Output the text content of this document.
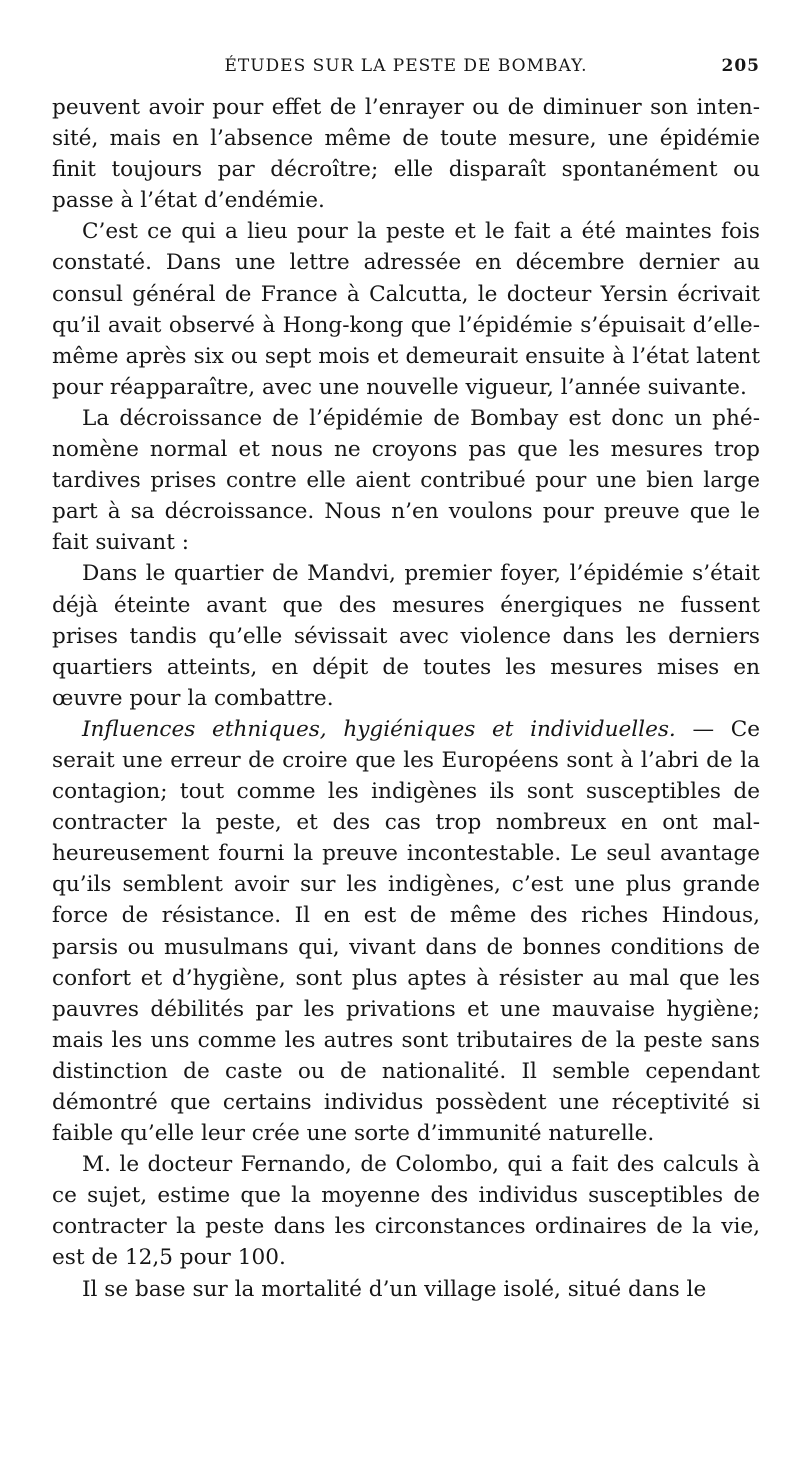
ÉTUDES SUR LA PESTE DE BOMBAY.	205

peuvent avoir pour effet de l’enrayer ou de diminuer son intensité, mais en l’absence même de toute mesure, une épidémie finit toujours par décroître; elle disparaît spontanément ou passe à l’état d’endémie.

C’est ce qui a lieu pour la peste et le fait a été maintes fois constaté. Dans une lettre adressée en décembre dernier au consul général de France à Calcutta, le docteur Yersin écrivait qu’il avait observé à Hong-kong que l’épidémie s’épuisait d’elle-même après six ou sept mois et demeurait ensuite à l’état latent pour réapparaître, avec une nouvelle vigueur, l’année suivante.

La décroissance de l’épidémie de Bombay est donc un phénomène normal et nous ne croyons pas que les mesures trop tardives prises contre elle aient contribué pour une bien large part à sa décroissance. Nous n’en voulons pour preuve que le fait suivant :

Dans le quartier de Mandvi, premier foyer, l’épidémie s’était déjà éteinte avant que des mesures énergiques ne fussent prises tandis qu’elle sévissait avec violence dans les derniers quartiers atteints, en dépit de toutes les mesures mises en œuvre pour la combattre.

Influences ethniques, hygiéniques et individuelles. — Ce serait une erreur de croire que les Européens sont à l’abri de la contagion; tout comme les indigènes ils sont susceptibles de contracter la peste, et des cas trop nombreux en ont malheureusement fourni la preuve incontestable. Le seul avantage qu’ils semblent avoir sur les indigènes, c’est une plus grande force de résistance. Il en est de même des riches Hindous, parsis ou musulmans qui, vivant dans de bonnes conditions de confort et d’hygiène, sont plus aptes à résister au mal que les pauvres débilités par les privations et une mauvaise hygiène; mais les uns comme les autres sont tributaires de la peste sans distinction de caste ou de nationalité. Il semble cependant démontré que certains individus possèdent une réceptivité si faible qu’elle leur crée une sorte d’immunité naturelle.

M. le docteur Fernando, de Colombo, qui a fait des calculs à ce sujet, estime que la moyenne des individus susceptibles de contracter la peste dans les circonstances ordinaires de la vie, est de 12,5 pour 100.

Il se base sur la mortalité d’un village isolé, situé dans le
